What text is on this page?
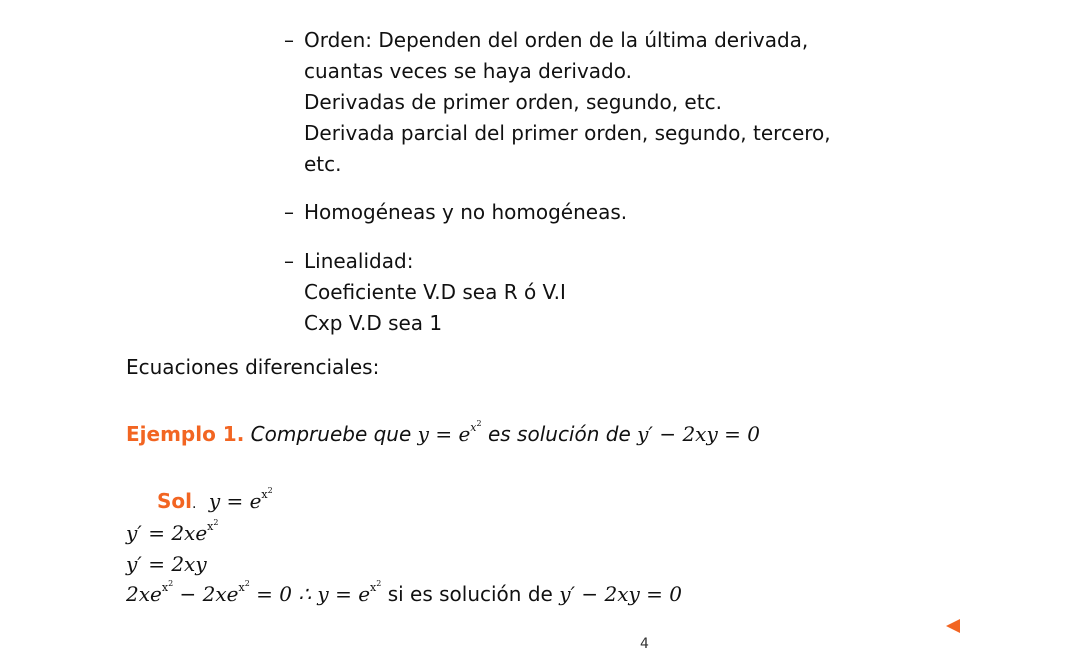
– Orden: Dependen del orden de la última derivada,
cuantas veces se haya derivado.
Derivadas de primer orden, segundo, etc.
Derivada parcial del primer orden, segundo, tercero,
etc.
– Homogéneas y no homogéneas.
– Linealidad:
Coeficiente V.D sea R ó V.I
Cxp V.D sea 1
Ecuaciones diferenciales:
Ejemplo 1. Compruebe que $y = e^{x^2}$ es solución de y′ − 2xy = 0
Sol. $y = e^{x^2}$
$y' = 2xe^{x^2}$
y′ = 2xy
$2xe^{x^2} - 2xe^{x^2} = 0$ ∴ $y = e^{x^2}$ si es solución de y′ − 2xy = 0
4
